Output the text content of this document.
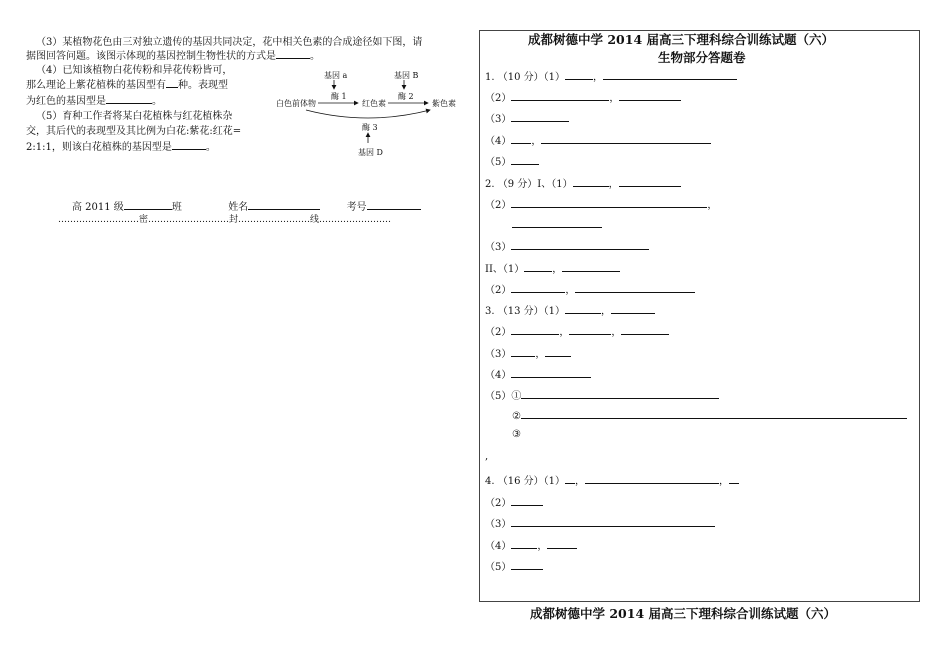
（3）某植物花色由三对独立遗传的基因共同决定，花中相关色素的合成途径如下图，请
据图回答问题。该图示体现的基因控制生物性状的方式是	。
（4）已知该植物白花传粉和异花传粉皆可，
那么理论上紫花植株的基因型有 种。表现型
为红色的基因型是	。
（5）育种工作者将某白花植株与红花植株杂
交，其后代的表现型及其比例为白花:紫花:红花=
2:1:1，则该白花植株的基因型是	。
基因 a	基因 B
酶 1	酶 2
白色前体物	红色素	紫色素
酶 3
基因 D
高 2011 级	班	姓名	考号
………………………密………………………封……………………线……………………
成都树德中学 2014 届高三下理科综合训练试题（六）
生物部分答题卷
1. （10 分）（1）	，
（2）	，
（3）
（4） ，
（5）
2. （9 分）I、（1）	，
（2）	，
（3）
II、（1）	，
（2）	，
3. （13 分）（1）	，
（2）	，	，
（3） ，
（4）
（5）①
②
③
,
4. （16 分）（1） ，	，
（2）
（3）
（4）	，
（5）
成都树德中学 2014 届高三下理科综合训练试题（六）
